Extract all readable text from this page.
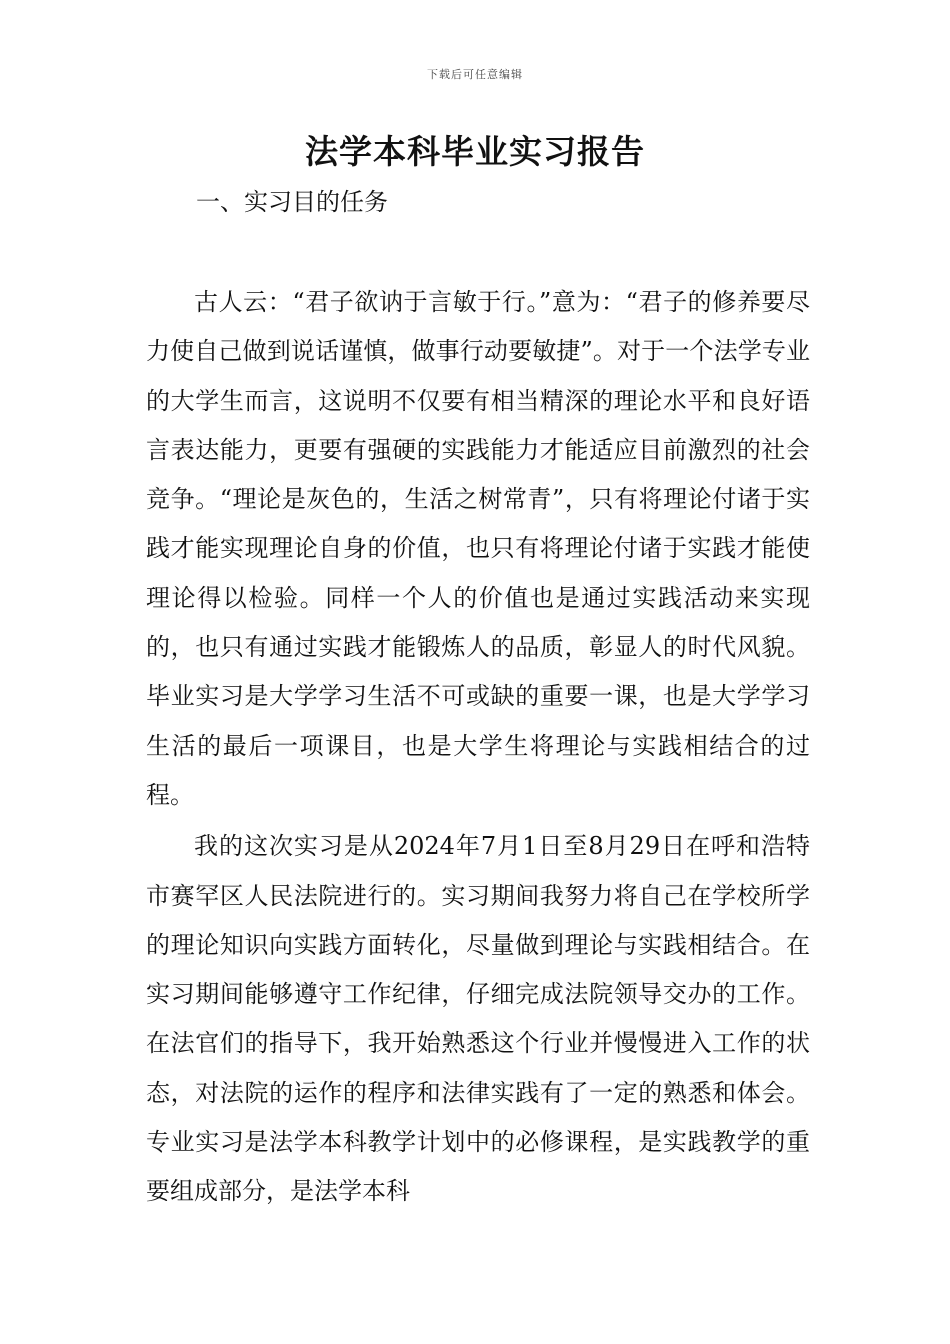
下载后可任意编辑
法学本科毕业实习报告
一、实习目的任务

古人云：“君子欲讷于言敏于行。”意为：“君子的修养要尽力使自己做到说话谨慎，做事行动要敏捷”。对于一个法学专业的大学生而言，这说明不仅要有相当精深的理论水平和良好语言表达能力，更要有强硬的实践能力才能适应目前激烈的社会竞争。“理论是灰色的，生活之树常青”，只有将理论付诸于实践才能实现理论自身的价值，也只有将理论付诸于实践才能使理论得以检验。同样一个人的价值也是通过实践活动来实现的，也只有通过实践才能锻炼人的品质，彰显人的时代风貌。毕业实习是大学学习生活不可或缺的重要一课，也是大学学习生活的最后一项课目，也是大学生将理论与实践相结合的过程。

我的这次实习是从2024年7月1日至8月29日在呼和浩特市赛罕区人民法院进行的。实习期间我努力将自己在学校所学的理论知识向实践方面转化，尽量做到理论与实践相结合。在实习期间能够遵守工作纪律，仔细完成法院领导交办的工作。在法官们的指导下，我开始熟悉这个行业并慢慢进入工作的状态，对法院的运作的程序和法律实践有了一定的熟悉和体会。专业实习是法学本科教学计划中的必修课程，是实践教学的重要组成部分，是法学本科
